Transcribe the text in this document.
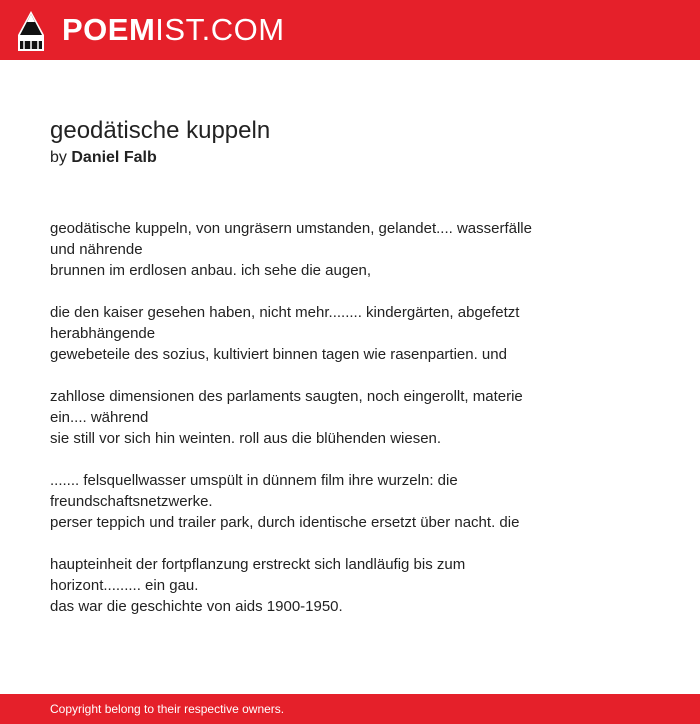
POEMIST.COM
geodätische kuppeln
by Daniel Falb
geodätische kuppeln, von ungräsern umstanden, gelandet.... wasserfälle
und nährende
brunnen im erdlosen anbau. ich sehe die augen,
die den kaiser gesehen haben, nicht mehr........ kindergärten, abgefetzt
herabhängende
gewebeteile des sozius, kultiviert binnen tagen wie rasenpartien. und
zahllose dimensionen des parlaments saugten, noch eingerollt, materie
ein.... während
sie still vor sich hin weinten. roll aus die blühenden wiesen.
....... felsquellwasser umspült in dünnem film ihre wurzeln: die
freundschaftsnetzwerke.
perser teppich und trailer park, durch identische ersetzt über nacht. die
haupteinheit der fortpflanzung erstreckt sich landläufig bis zum
horizont......... ein gau.
das war die geschichte von aids 1900-1950.
Copyright belong to their respective owners.
